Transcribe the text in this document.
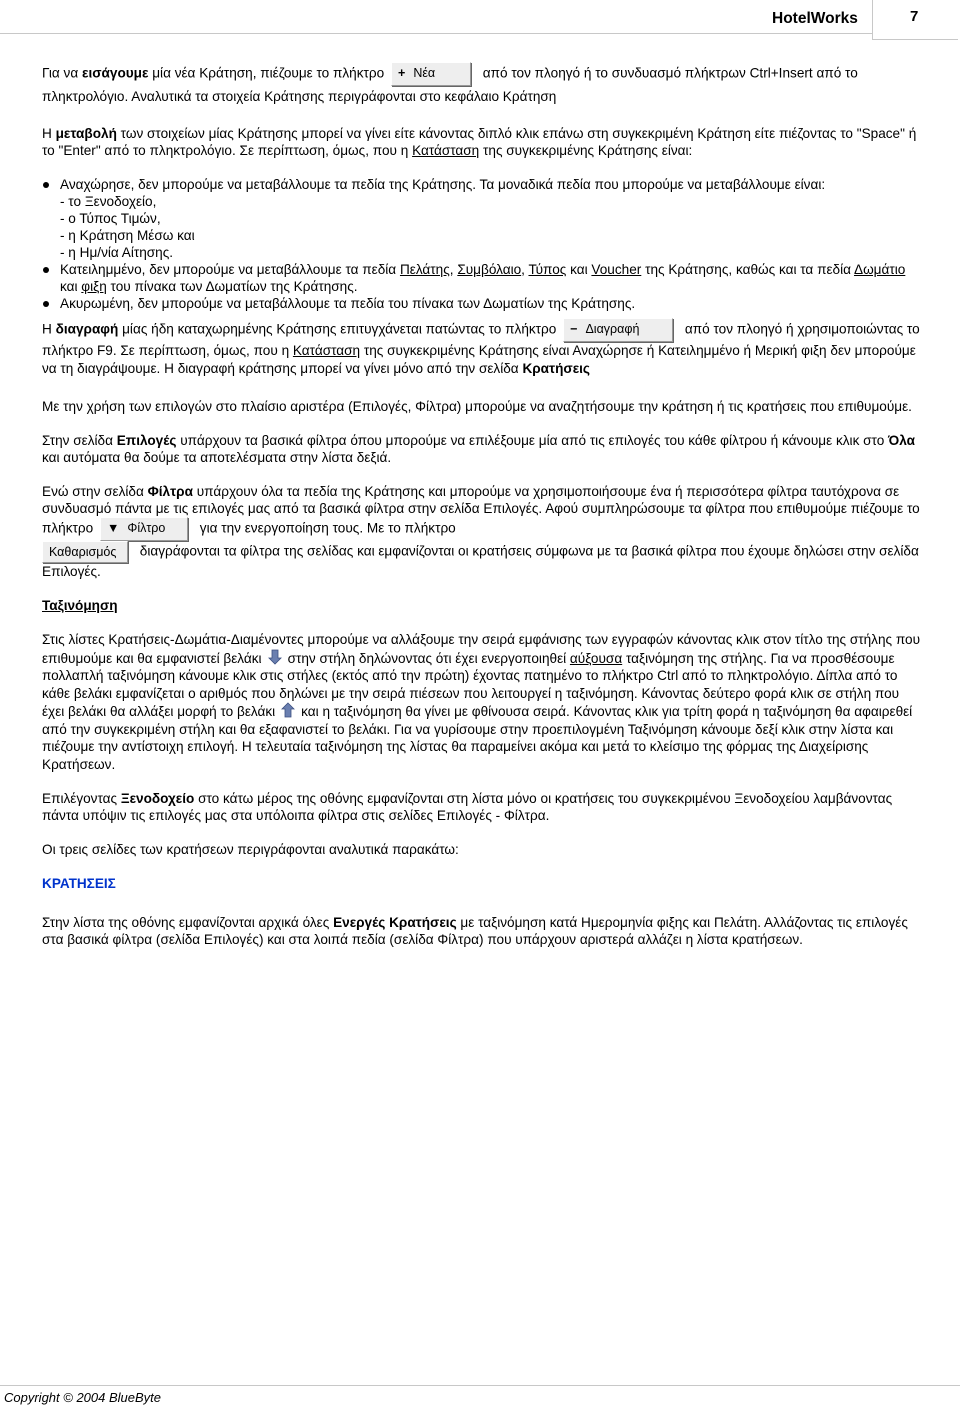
HotelWorks	7

Για να εισάγουμε μία νέα Κράτηση, πιέζουμε το πλήκτρο + Νέα	από τον πλοηγό ή το συνδυασμό πλήκτρων Ctrl+Insert από το πληκτρολόγιο. Αναλυτικά τα στοιχεία Κράτησης περιγράφονται στο κεφάλαιο Κράτηση

Η μεταβολή των στοιχείων μίας Κράτησης μπορεί να γίνει είτε κάνοντας διπλό κλικ επάνω στη συγκεκριμένη Κράτηση είτε πιέζοντας το "Space" ή το "Enter" από το πληκτρολόγιο. Σε περίπτωση, όμως, που η Κατάσταση της συγκεκριμένης Κράτησης είναι:

Αναχώρησε, δεν μπορούμε να μεταβάλλουμε τα πεδία της Κράτησης. Τα μοναδικά πεδία που μπορούμε να μεταβάλλουμε είναι:
- το Ξενοδοχείο,
- ο Τύπος Τιμών,
- η Κράτηση Μέσω και
- η Ημ/νία Αίτησης.
Κατειλημμένο, δεν μπορούμε να μεταβάλλουμε τα πεδία Πελάτης, Συμβόλαιο, Τύπος και Voucher της Κράτησης, καθώς και τα πεδία Δωμάτιο και φιξη του πίνακα των Δωματίων της Κράτησης.
Ακυρωμένη, δεν μπορούμε να μεταβάλλουμε τα πεδία του πίνακα των Δωματίων της Κράτησης.

Η διαγραφή μίας ήδη καταχωρημένης Κράτησης επιτυγχάνεται πατώντας το πλήκτρο − Διαγραφή	από τον πλοηγό ή χρησιμοποιώντας το πλήκτρο F9. Σε περίπτωση, όμως, που η Κατάσταση της συγκεκριμένης Κράτησης είναι Αναχώρησε ή Κατειλημμένο ή Μερική φιξη δεν μπορούμε να τη διαγράψουμε. Η διαγραφή κράτησης μπορεί να γίνει μόνο από την σελίδα Κρατήσεις

Με την χρήση των επιλογών στο πλαίσιο αριστέρα (Επιλογές, Φίλτρα) μπορούμε να αναζητήσουμε την κράτηση ή τις κρατήσεις που επιθυμούμε.

Στην σελίδα Επιλογές υπάρχουν τα βασικά φίλτρα όπου μπορούμε να επιλέξουμε μία από τις επιλογές του κάθε φίλτρου ή κάνουμε κλικ στο Όλα και αυτόματα θα δούμε τα αποτελέσματα στην λίστα δεξιά.

Ενώ στην σελίδα Φίλτρα υπάρχουν όλα τα πεδία της Κράτησης και μπορούμε να χρησιμοποιήσουμε ένα ή περισσότερα φίλτρα ταυτόχρονα σε συνδυασμό πάντα με τις επιλογές μας από τα βασικά φίλτρα στην σελίδα Επιλογές. Αφού συμπληρώσουμε τα φίλτρα που επιθυμούμε πιέζουμε το πλήκτρο ▼ Φίλτρο	για την ενεργοποίηση τους. Με το πλήκτρο
Καθαρισμός διαγράφονται τα φίλτρα της σελίδας και εμφανίζονται οι κρατήσεις σύμφωνα με τα βασικά φίλτρα που έχουμε δηλώσει στην σελίδα Επιλογές.

Ταξινόμηση

Στις λίστες Κρατήσεις-Δωμάτια-Διαμένοντες μπορούμε να αλλάξουμε την σειρά εμφάνισης των εγγραφών κάνοντας κλικ στον τίτλο της στήλης που επιθυμούμε και θα εμφανιστεί βελάκι στην στήλη δηλώνοντας ότι έχει ενεργοποιηθεί αύξουσα ταξινόμηση της στήλης. Για να προσθέσουμε πολλαπλή ταξινόμηση κάνουμε κλικ στις στήλες (εκτός από την πρώτη) έχοντας πατημένο το πλήκτρο Ctrl από το πληκτρολόγιο. Δίπλα από το κάθε βελάκι εμφανίζεται ο αριθμός που δηλώνει με την σειρά πιέσεων που λειτουργεί η ταξινόμηση. Κάνοντας δεύτερο φορά κλικ σε στήλη που έχει βελάκι θα αλλάξει μορφή το βελάκι και η ταξινόμηση θα γίνει με φθίνουσα σειρά. Κάνοντας κλικ για τρίτη φορά η ταξινόμηση θα αφαιρεθεί από την συγκεκριμένη στήλη και θα εξαφανιστεί το βελάκι. Για να γυρίσουμε στην προεπιλογμένη Ταξινόμηση κάνουμε δεξί κλικ στην λίστα και πιέζουμε την αντίστοιχη επιλογή. Η τελευταία ταξινόμηση της λίστας θα παραμείνει ακόμα και μετά το κλείσιμο της φόρμας της Διαχείρισης Κρατήσεων.

Επιλέγοντας Ξενοδοχείο στο κάτω μέρος της οθόνης εμφανίζονται στη λίστα μόνο οι κρατήσεις του συγκεκριμένου Ξενοδοχείου λαμβάνοντας πάντα υπόψιν τις επιλογές μας στα υπόλοιπα φίλτρα στις σελίδες Επιλογές - Φίλτρα.

Οι τρεις σελίδες των κρατήσεων περιγράφονται αναλυτικά παρακάτω:

ΚΡΑΤΗΣΕΙΣ

Στην λίστα της οθόνης εμφανίζονται αρχικά όλες Ενεργές Κρατήσεις με ταξινόμηση κατά Ημερομηνία φιξης και Πελάτη. Αλλάζοντας τις επιλογές στα βασικά φίλτρα (σελίδα Επιλογές) και στα λοιπά πεδία (σελίδα Φίλτρα) που υπάρχουν αριστερά αλλάζει η λίστα κρατήσεων.

Copyright © 2004 BlueByte
